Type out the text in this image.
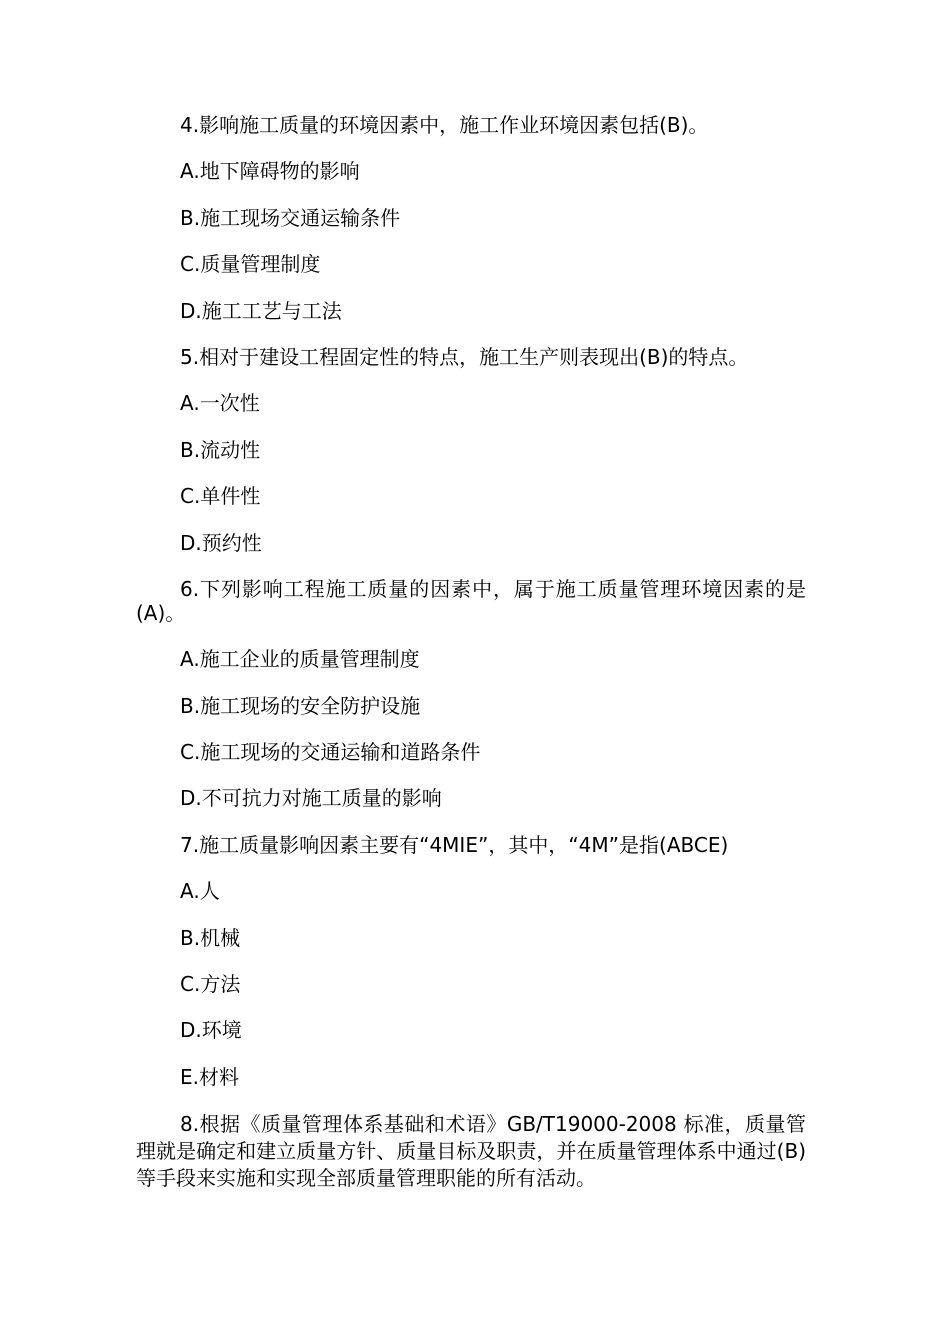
4.影响施工质量的环境因素中，施工作业环境因素包括(B)。

A.地下障碍物的影响

B.施工现场交通运输条件

C.质量管理制度

D.施工工艺与工法

5.相对于建设工程固定性的特点，施工生产则表现出(B)的特点。

A.一次性

B.流动性

C.单件性

D.预约性

6.下列影响工程施工质量的因素中，属于施工质量管理环境因素的是(A)。

A.施工企业的质量管理制度

B.施工现场的安全防护设施

C.施工现场的交通运输和道路条件

D.不可抗力对施工质量的影响

7.施工质量影响因素主要有“4MIE”，其中，“4M”是指(ABCE)

A.人

B.机械

C.方法

D.环境

E.材料

8.根据《质量管理体系基础和术语》GB/T19000-2008 标准，质量管理就是确定和建立质量方针、质量目标及职责，并在质量管理体系中通过(B)等手段来实施和实现全部质量管理职能的所有活动。
